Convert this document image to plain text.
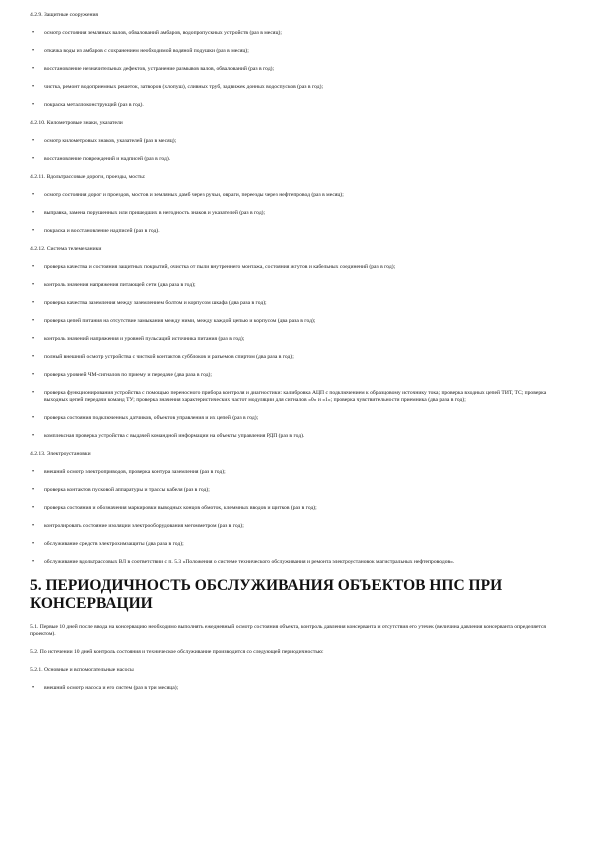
4.2.9. Защитные сооружения
• осмотр состояния земляных валов, обвалований амбаров, водопропускных устройств (раз в месяц);
• откачка воды из амбаров с сохранением необходимой водяной подушки (раз в месяц);
• восстановление незначительных дефектов, устранение размывов валов, обвалований (раз в год);
• чистка, ремонт водоприемных решеток, затворов (хлопуш), сливных труб, задвижек донных водоспусков (раз в год);
• покраска металлоконструкций (раз в год).
4.2.10. Километровые знаки, указатели
• осмотр километровых знаков, указателей (раз в месяц);
• восстановление повреждений и надписей (раз в год).
4.2.11. Вдольтрассовые дороги, проезды, мосты:
• осмотр состояния дорог и проездов, мостов и земляных дамб через ручьи, овраги, переезды через нефтепровод (раз в месяц);
• выправка, замена порушенных или пришедших в негодность знаков и указателей (раз в год);
• покраска и восстановление надписей (раз в год).
4.2.12. Система телемеханики
• проверка качества и состояния защитных покрытий, очистка от пыли внутреннего монтажа, состояния жгутов и кабельных соединений (раз в год);
• контроль значения напряжения питающей сети (два раза в год);
• проверка качества заземления между заземлением болтом и корпусом шкафа (два раза в год);
• проверка цепей питания на отсутствие замыкания между ними, между каждой цепью и корпусом (два раза в год);
• контроль значений напряжения и уровней пульсаций источника питания (раз в год);
• полный внешний осмотр устройства с чисткой контактов субблоков и разъемов спиртом (два раза в год);
• проверка уровней ЧМ-сигналов по приему и передаче (два раза в год);
• проверка функционирования устройства с помощью переносного прибора контроля и диагностики: калибровка АЦП с подключением к образцовому источнику тока; проверка входных цепей ТИТ, ТС; проверка выходных цепей передачи команд ТУ; проверка значения характеристических частот модуляции для сигналов «0» и «1»; проверка чувствительности приемника (два раза в год);
• проверка состояния подключенных датчиков, объектов управления и их цепей (раз в год);
• комплексная проверка устройства с выдачей командной информации на объекты управления РДП (раз в год).
4.2.13. Электроустановки
• внешний осмотр электроприводов, проверка контура заземления (раз в год);
• проверка контактов пусковой аппаратуры и трассы кабеля (раз в год);
• проверка состояния и обозначения маркировки выводных концов обмоток, клеммных вводов и щитков (раз в год);
• контролировать состояние изоляции электрооборудования мегомметром (раз в год);
• обслуживание средств электрохимзащиты (два раза в год);
• обслуживание вдольтрассовых ВЛ в соответствии с п. 5.3 «Положения о системе технического обслуживания и ремонта электроустановок магистральных нефтепроводов».
5. ПЕРИОДИЧНОСТЬ ОБСЛУЖИВАНИЯ ОБЪЕКТОВ НПС ПРИ КОНСЕРВАЦИИ
5.1. Первые 10 дней после ввода на консервацию необходимо выполнять ежедневный осмотр состояния объекта, контроль давления консерванта и отсутствия его утечек (величина давления консерванта определяется проектом).
5.2. По истечении 10 дней контроль состояния и техническое обслуживание производится со следующей периодичностью:
5.2.1. Основные и вспомогательные насосы
• внешний осмотр насоса и его систем (раз в три месяца);
